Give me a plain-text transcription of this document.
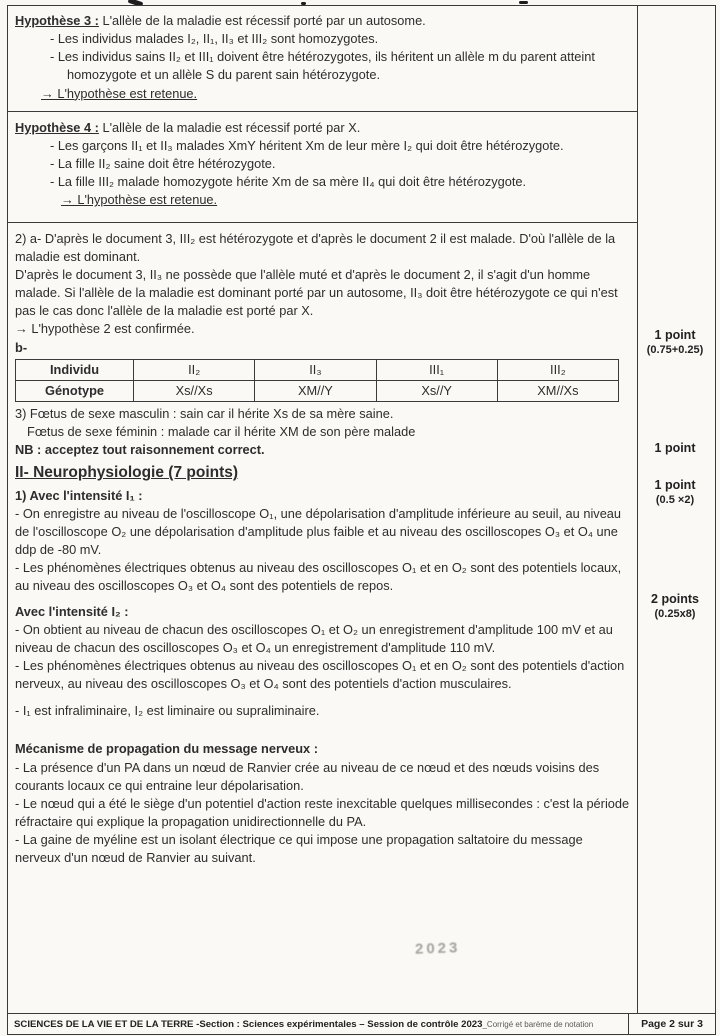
Hypothèse 3 : L'allèle de la maladie est récessif porté par un autosome.

- Les individus malades I₂, II₁, II₃ et III₂ sont homozygotes.

- Les individus sains II₂ et III₁ doivent être hétérozygotes, ils héritent un allèle m du parent atteint homozygote et un allèle S du parent sain hétérozygote.

→ L'hypothèse est retenue.

Hypothèse 4 : L'allèle de la maladie est récessif porté par X.

- Les garçons II₁ et II₃ malades XmY héritent Xm de leur mère I₂ qui doit être hétérozygote.

- La fille II₂ saine doit être hétérozygote.

- La fille III₂ malade homozygote hérite Xm de sa mère II₄ qui doit être hétérozygote.

→ L'hypothèse est retenue.

2) a- D'après le document 3, III₂ est hétérozygote et d'après le document 2 il est malade. D'où l'allèle de la maladie est dominant.

D'après le document 3, II₃ ne possède que l'allèle muté et d'après le document 2, il s'agit d'un homme malade. Si l'allèle de la maladie est dominant porté par un autosome, II₃ doit être hétérozygote ce qui n'est pas le cas donc l'allèle de la maladie est porté par X.

→ L'hypothèse 2 est confirmée.

b-

Individu	II₂	II₃	III₁	III₂
Génotype	Xs//Xs	XM//Y	Xs//Y	XM//Xs

3) Fœtus de sexe masculin : sain car il hérite Xs de sa mère saine.

Fœtus de sexe féminin : malade car il hérite XM de son père malade

NB : acceptez tout raisonnement correct.

II- Neurophysiologie (7 points)

1) Avec l'intensité I₁ :

- On enregistre au niveau de l'oscilloscope O₁, une dépolarisation d'amplitude inférieure au seuil, au niveau de l'oscilloscope O₂ une dépolarisation d'amplitude plus faible et au niveau des oscilloscopes O₃ et O₄ une ddp de -80 mV.

- Les phénomènes électriques obtenus au niveau des oscilloscopes O₁ et en O₂ sont des potentiels locaux, au niveau des oscilloscopes O₃ et O₄ sont des potentiels de repos.

Avec l'intensité I₂ :

- On obtient au niveau de chacun des oscilloscopes O₁ et O₂ un enregistrement d'amplitude 100 mV et au niveau de chacun des oscilloscopes O₃ et O₄ un enregistrement d'amplitude 110 mV.

- Les phénomènes électriques obtenus au niveau des oscilloscopes O₁ et en O₂ sont des potentiels d'action nerveux, au niveau des oscilloscopes O₃ et O₄ sont des potentiels d'action musculaires.

- I₁ est infraliminaire, I₂ est liminaire ou supraliminaire.

Mécanisme de propagation du message nerveux :

- La présence d'un PA dans un nœud de Ranvier crée au niveau de ce nœud et des nœuds voisins des courants locaux ce qui entraine leur dépolarisation.

- Le nœud qui a été le siège d'un potentiel d'action reste inexcitable quelques millisecondes : c'est la période réfractaire qui explique la propagation unidirectionnelle du PA.

- La gaine de myéline est un isolant électrique ce qui impose une propagation saltatoire du message nerveux d'un nœud de Ranvier au suivant.

1 point
(0.75+0.25)
1 point
1 point
(0.5 ×2)
2 points
(0.25x8)
2023
SCIENCES DE LA VIE ET DE LA TERRE -Section : Sciences expérimentales – Session de contrôle 2023_Corrigé et barème de notation	Page 2 sur 3
